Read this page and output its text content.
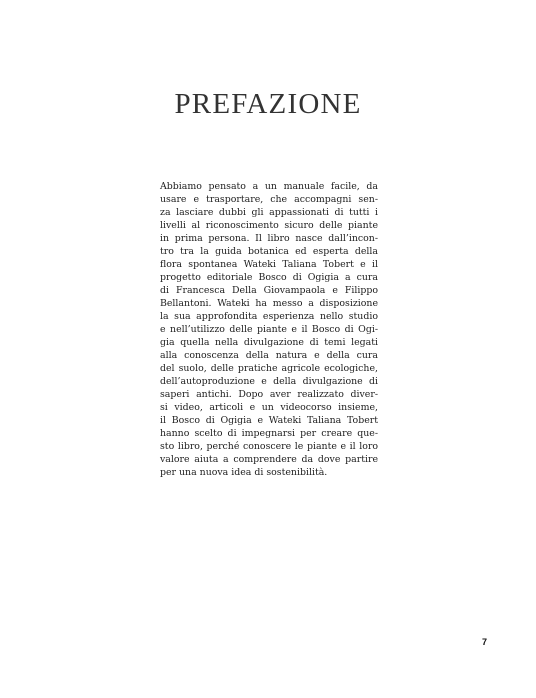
PREFAZIONE
Abbiamo pensato a un manuale facile, da
usare e trasportare, che accompagni sen-
za lasciare dubbi gli appassionati di tutti i
livelli al riconoscimento sicuro delle piante
in prima persona. Il libro nasce dall’incon-
tro tra la guida botanica ed esperta della
flora spontanea Wateki Taliana Tobert e il
progetto editoriale Bosco di Ogigia a cura
di Francesca Della Giovampaola e Filippo
Bellantoni. Wateki ha messo a disposizione
la sua approfondita esperienza nello studio
e nell’utilizzo delle piante e il Bosco di Ogi-
gia quella nella divulgazione di temi legati
alla conoscenza della natura e della cura
del suolo, delle pratiche agricole ecologiche,
dell’autoproduzione e della divulgazione di
saperi antichi. Dopo aver realizzato diver-
si video, articoli e un videocorso insieme,
il Bosco di Ogigia e Wateki Taliana Tobert
hanno scelto di impegnarsi per creare que-
sto libro, perché conoscere le piante e il loro
valore aiuta a comprendere da dove partire
per una nuova idea di sostenibilità.
7
